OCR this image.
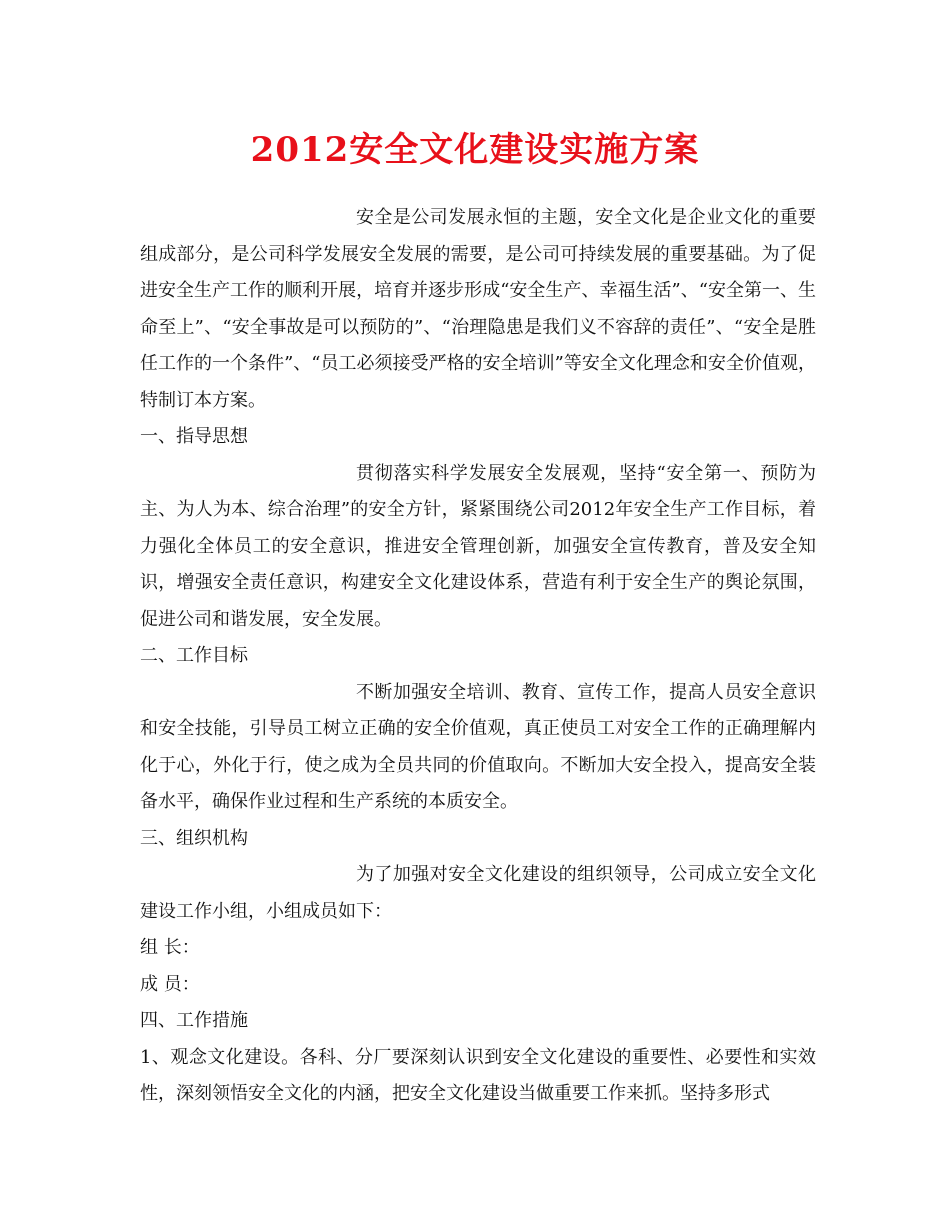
2012安全文化建设实施方案

安全是公司发展永恒的主题，安全文化是企业文化的重要组成部分，是公司科学发展安全发展的需要，是公司可持续发展的重要基础。为了促进安全生产工作的顺利开展，培育并逐步形成“安全生产、幸福生活”、“安全第一、生命至上”、“安全事故是可以预防的”、“治理隐患是我们义不容辞的责任”、“安全是胜任工作的一个条件”、“员工必须接受严格的安全培训”等安全文化理念和安全价值观，特制订本方案。

一、指导思想

贯彻落实科学发展安全发展观，坚持“安全第一、预防为主、为人为本、综合治理”的安全方针，紧紧围绕公司2012年安全生产工作目标，着力强化全体员工的安全意识，推进安全管理创新，加强安全宣传教育，普及安全知识，增强安全责任意识，构建安全文化建设体系，营造有利于安全生产的舆论氛围，促进公司和谐发展，安全发展。

二、工作目标

不断加强安全培训、教育、宣传工作，提高人员安全意识和安全技能，引导员工树立正确的安全价值观，真正使员工对安全工作的正确理解内化于心，外化于行，使之成为全员共同的价值取向。不断加大安全投入，提高安全装备水平，确保作业过程和生产系统的本质安全。

三、组织机构

为了加强对安全文化建设的组织领导，公司成立安全文化建设工作小组，小组成员如下：

组 长：

成 员：

四、工作措施

1、观念文化建设。各科、分厂要深刻认识到安全文化建设的重要性、必要性和实效性，深刻领悟安全文化的内涵，把安全文化建设当做重要工作来抓。坚持多形式
